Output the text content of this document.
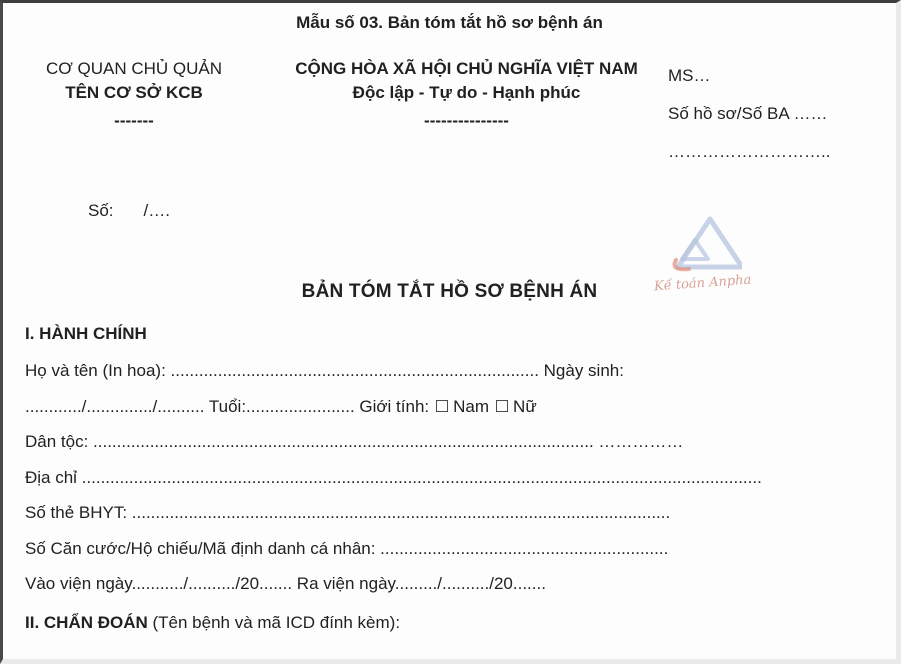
Mẫu số 03. Bản tóm tắt hồ sơ bệnh án
CƠ QUAN CHỦ QUẢN
TÊN CƠ SỞ KCB
-------
CỘNG HÒA XÃ HỘI CHỦ NGHĨA VIỆT NAM
Độc lập - Tự do - Hạnh phúc
---------------
MS…
Số hồ sơ/Số BA ……
………………………..
Số: /….
Kế toán Anpha
BẢN TÓM TẮT HỒ SƠ BỆNH ÁN
I. HÀNH CHÍNH
Họ và tên (In hoa): .............................................................................. Ngày sinh:
............/............../.......... Tuổi:....................... Giới tính: Nam Nữ
Dân tộc: .......................................................................................................... ……………
Địa chỉ ................................................................................................................................................
Số thẻ BHYT: ..................................................................................................................
Số Căn cước/Hộ chiếu/Mã định danh cá nhân: .............................................................
Vào viện ngày.........../........../20....... Ra viện ngày........./........../20.......
II. CHẨN ĐOÁN (Tên bệnh và mã ICD đính kèm):
